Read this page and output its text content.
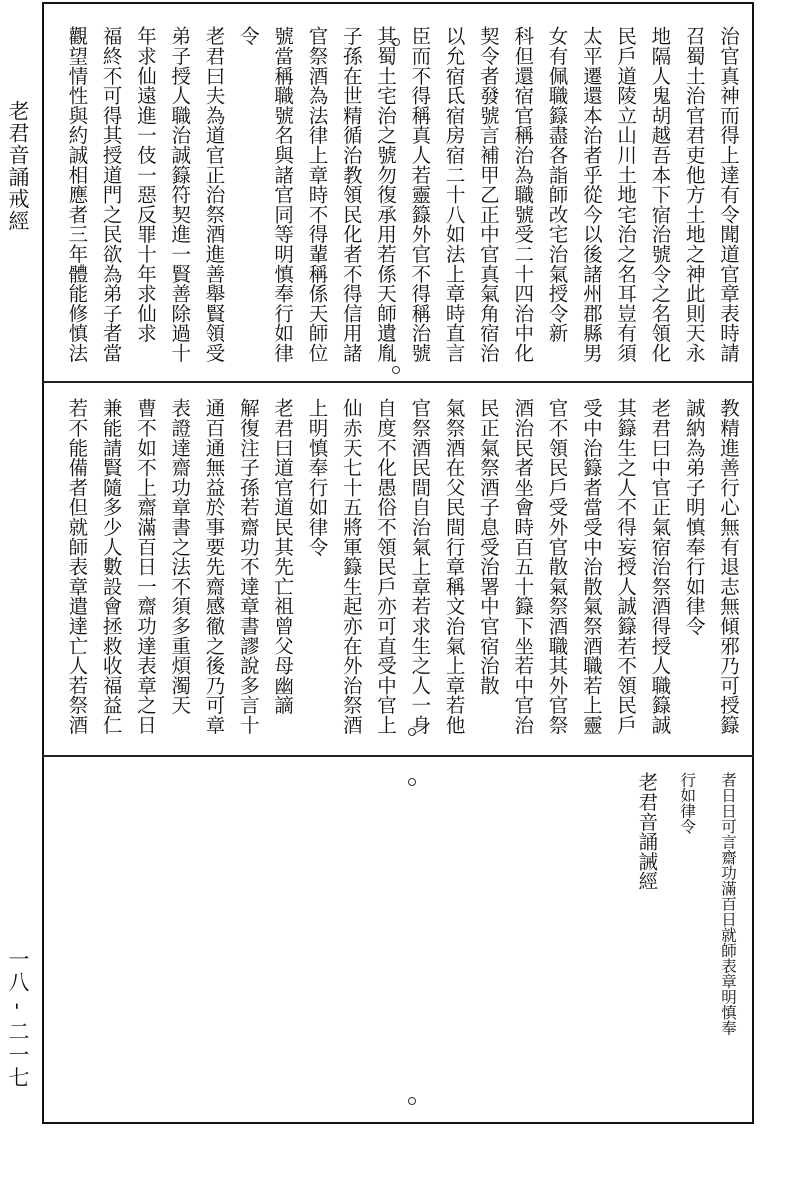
老君音誦戒經
一八 - 二一七
治官真神而得上達有令聞道官章表時請
召蜀土治官君吏他方土地之神此則天永
地隔人鬼胡越吾本下宿治號令之名領化
民戶道陵立山川土地宅治之名耳豈有須
太平遷還本治者乎從今以後諸州郡縣男
女有佩職籙盡各詣師改宅治氣授令新
科但還宿官稱治為職號受二十四治中化
契令者發號言補甲乙正中官真氣角宿治
以允宿氐宿房宿二十八如法上章時直言
臣而不得稱真人若靈籙外官不得稱治號
其蜀土宅治之號勿復承用若係天師遺胤
子孫在世精循治教領民化者不得信用諸
官祭酒為法律上章時不得輩稱係天師位
號當稱職號名與諸官同等明慎奉行如律
令
老君曰夫為道官正治祭酒進善舉賢領受
弟子授人職治誠籙符契進一賢善除過十
年求仙遠進一伎一惡反罪十年求仙求
福終不可得其授道門之民欲為弟子者當
觀望情性與約誠相應者三年體能修慎法
教精進善行心無有退志無傾邪乃可授籙
誠納為弟子明慎奉行如律令
老君曰中官正氣宿治祭酒得授人職籙誠
其籙生之人不得妄授人誠籙若不領民戶
受中治籙者當受中治散氣祭酒職若上靈
官不領民戶受外官散氣祭酒職其外官祭
酒治民者坐會時百五十籙下坐若中官治
民正氣祭酒子息受治署中官宿治散
氣祭酒在父民間行章稱文治氣上章若他
官祭酒民間自治氣上章若求生之人一身
自度不化愚俗不領民戶亦可直受中官上
仙赤天七十五將軍籙生起亦在外治祭酒
上明慎奉行如律令
老君曰道官道民其先亡祖曾父母幽謫
解復注子孫若齋功不達章書謬說多言十
通百通無益於事要先齋感徹之後乃可章
表證達齋功章書之法不須多重煩濁天
曹不如不上齋滿百日一齋功達表章之日
兼能請賢隨多少人數設會拯救收福益仁
若不能備者但就師表章遣達亡人若祭酒
者日日可言齋功滿百日就師表章明慎奉
行如律令
老君音誦誡經
